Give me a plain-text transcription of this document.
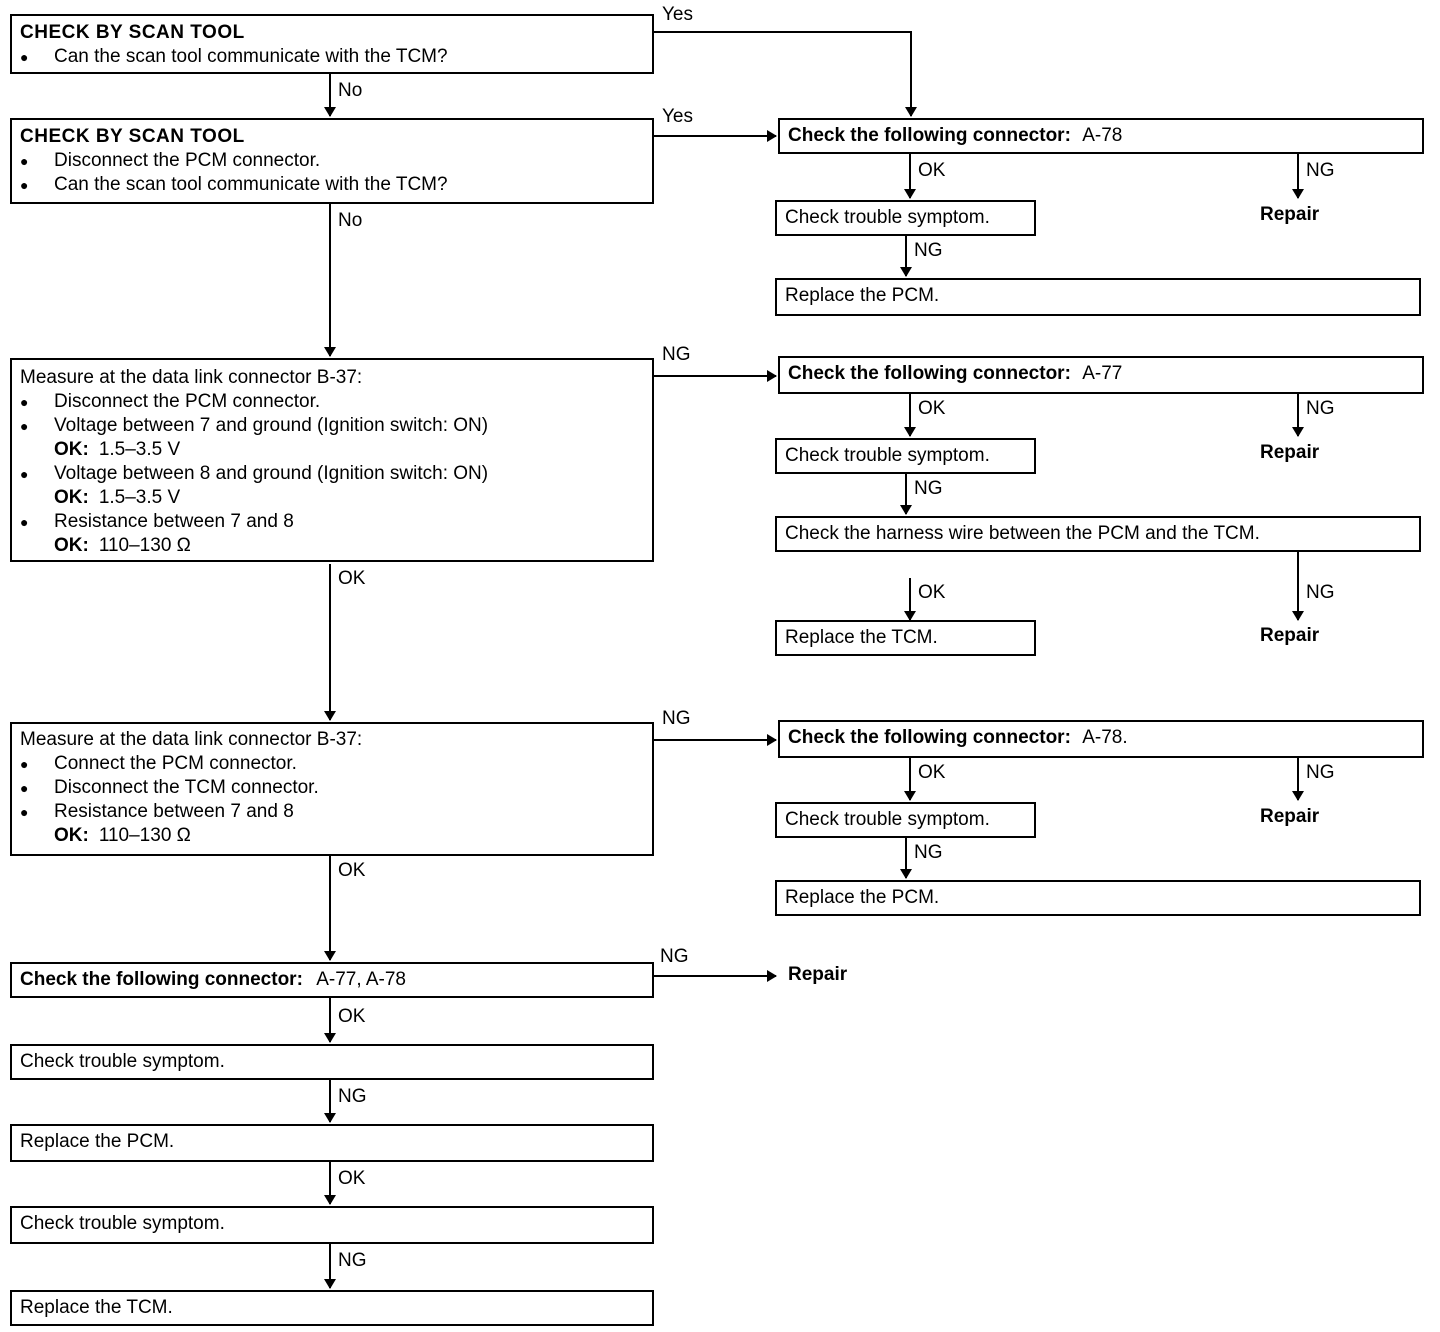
CHECK BY SCAN TOOL
●	Can the scan tool communicate with the TCM?
CHECK BY SCAN TOOL
●	Disconnect the PCM connector.
●	Can the scan tool communicate with the TCM?
Measure at the data link connector B-37:
●	Disconnect the PCM connector.
●	Voltage between 7 and ground (Ignition switch: ON)
OK: 1.5–3.5 V
●	Voltage between 8 and ground (Ignition switch: ON)
OK: 1.5–3.5 V
●	Resistance between 7 and 8
OK: 110–130 Ω
Measure at the data link connector B-37:
●	Connect the PCM connector.
●	Disconnect the TCM connector.
●	Resistance between 7 and 8
OK: 110–130 Ω
Check the following connector: A-77, A-78
Check trouble symptom.
Replace the PCM.
Check trouble symptom.
Replace the TCM.
Check the following connector: A-78
Check trouble symptom.
Replace the PCM.
Repair
Check the following connector: A-77
Check trouble symptom.
Check the harness wire between the PCM and the TCM.
Replace the TCM.
Repair
Repair
Check the following connector: A-78.
Check trouble symptom.
Replace the PCM.
Repair
Repair
Yes
No
Yes
No
NG
OK
NG
OK
NG
OK
NG
OK
NG
OK	NG
NG
OK	NG
NG
OK	NG
OK	NG
NG
